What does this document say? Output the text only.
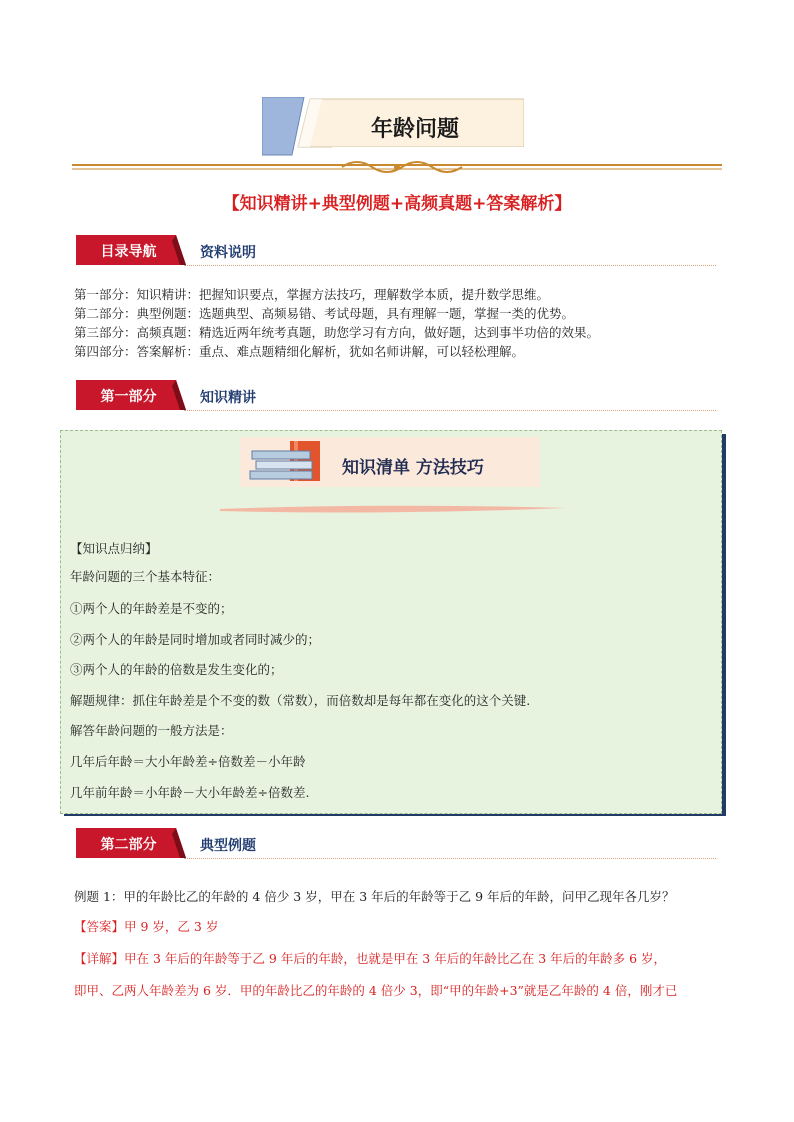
年龄问题
【知识精讲+典型例题+高频真题+答案解析】
目录导航	资料说明
第一部分：知识精讲：把握知识要点，掌握方法技巧，理解数学本质，提升数学思维。
第二部分：典型例题：选题典型、高频易错、考试母题，具有理解一题，掌握一类的优势。
第三部分：高频真题：精选近两年统考真题，助您学习有方向，做好题，达到事半功倍的效果。
第四部分：答案解析：重点、难点题精细化解析，犹如名师讲解，可以轻松理解。
第一部分	知识精讲
知识清单 方法技巧
【知识点归纳】
年龄问题的三个基本特征：
①两个人的年龄差是不变的；
②两个人的年龄是同时增加或者同时减少的；
③两个人的年龄的倍数是发生变化的；
解题规律：抓住年龄差是个不变的数（常数），而倍数却是每年都在变化的这个关键.
解答年龄问题的一般方法是：
几年后年龄＝大小年龄差÷倍数差－小年龄
几年前年龄＝小年龄－大小年龄差÷倍数差.
第二部分	典型例题
例题 1：甲的年龄比乙的年龄的 4 倍少 3 岁，甲在 3 年后的年龄等于乙 9 年后的年龄，问甲乙现年各几岁？
【答案】甲 9 岁，乙 3 岁
【详解】甲在 3 年后的年龄等于乙 9 年后的年龄，也就是甲在 3 年后的年龄比乙在 3 年后的年龄多 6 岁，
即甲、乙两人年龄差为 6 岁．甲的年龄比乙的年龄的 4 倍少 3，即“甲的年龄+3”就是乙年龄的 4 倍，刚才已
